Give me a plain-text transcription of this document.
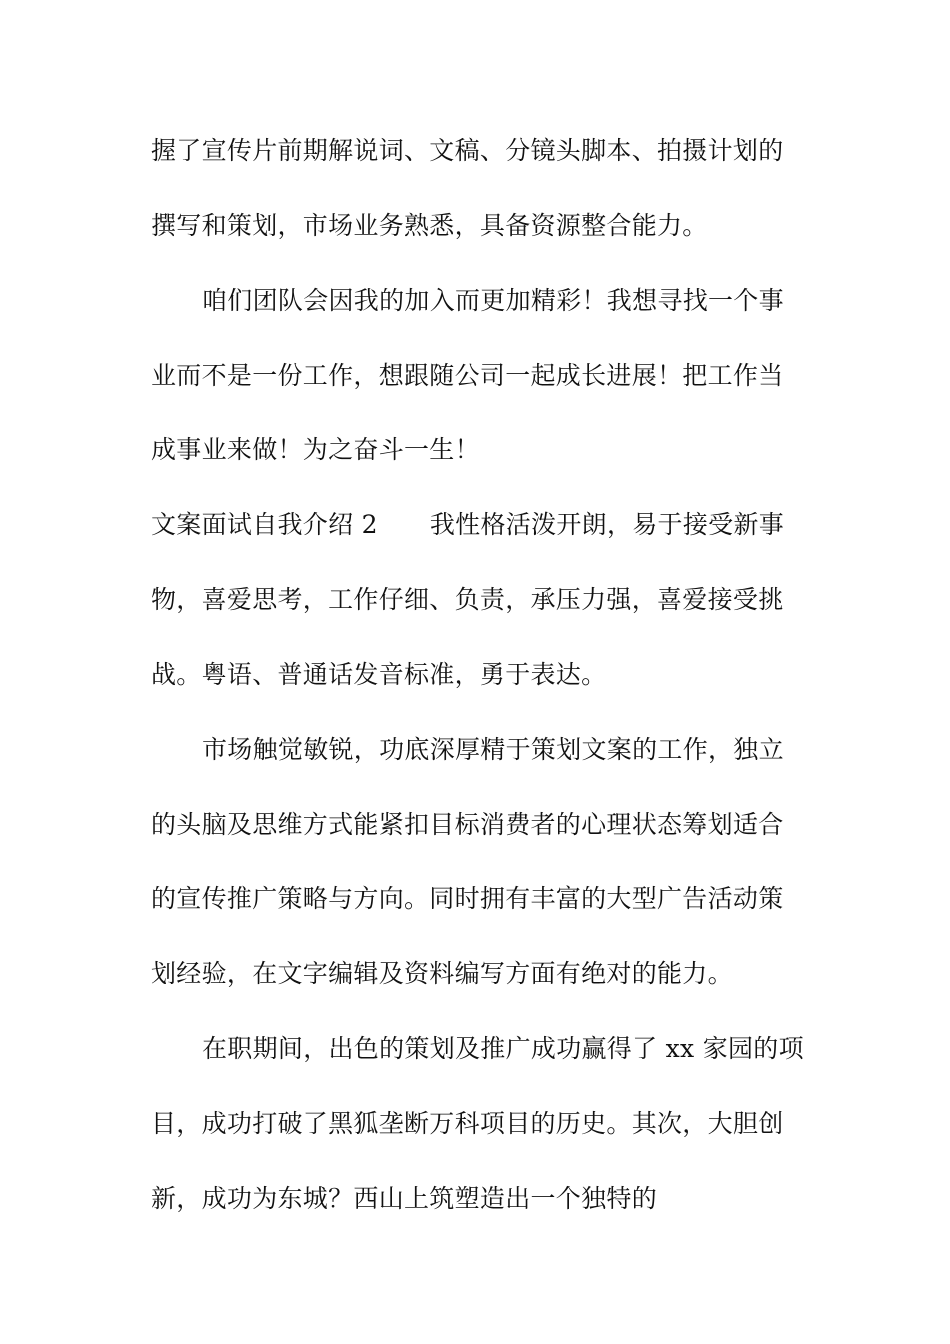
握了宣传片前期解说词、文稿、分镜头脚本、拍摄计划的
撰写和策划，市场业务熟悉，具备资源整合能力。
咱们团队会因我的加入而更加精彩！我想寻找一个事
业而不是一份工作，想跟随公司一起成长进展！把工作当
成事业来做！为之奋斗一生！
文案面试自我介绍 2 我性格活泼开朗，易于接受新事
物，喜爱思考，工作仔细、负责，承压力强，喜爱接受挑
战。粤语、普通话发音标准，勇于表达。
市场触觉敏锐，功底深厚精于策划文案的工作，独立
的头脑及思维方式能紧扣目标消费者的心理状态筹划适合
的宣传推广策略与方向。同时拥有丰富的大型广告活动策
划经验，在文字编辑及资料编写方面有绝对的能力。
在职期间，出色的策划及推广成功赢得了 xx 家园的项
目，成功打破了黑狐垄断万科项目的历史。其次，大胆创
新，成功为东城？西山上筑塑造出一个独特的
